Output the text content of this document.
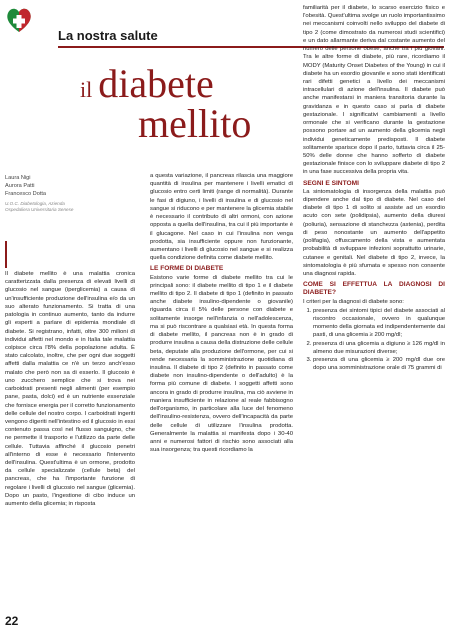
La nostra salute
il diabete
mellito
Laura Nigi
Aurora Patti
Francesco Dotta
U.O.C. Diabetologia, Azienda
Ospedaliera Universitaria Senese

Il diabete mellito è una malattia cronica caratterizzata dalla presenza di elevati livelli di glucosio nel sangue (iperglicemia) a causa di un'insufficiente produzione dell'insulina e/o da un suo alterato funzionamento. Si tratta di una patologia in continuo aumento, tanto da indurre gli esperti a parlare di epidemia mondiale di diabete. Si registrano, infatti, oltre 300 milioni di individui affetti nel mondo e in Italia tale malattia colpisce circa l'8% della popolazione adulta. È stato calcolato, inoltre, che per ogni due soggetti affetti dalla malattia ce n'è un terzo anch'esso malato che però non sa di esserlo. Il glucosio è uno zucchero semplice che si trova nei carboidrati presenti negli alimenti (per esempio pane, pasta, dolci) ed è un nutriente essenziale che fornisce energia per il corretto funzionamento delle cellule del nostro corpo. I carboidrati ingeriti vengono digeriti nell'intestino ed il glucosio in essi contenuto passa così nel flusso sanguigno, che ne permette il trasporto e l'utilizzo da parte delle cellule. Tuttavia affinché il glucosio penetri all'interno di esse è necessario l'intervento dell'insulina. Quest'ultima è un ormone, prodotto da cellule specializzate (cellule beta) del pancreas, che ha l'importante funzione di regolare i livelli di glucosio nel sangue (glicemia). Dopo un pasto, l'ingestione di cibo induce un aumento della glicemia; in risposta

a questa variazione, il pancreas rilascia una maggiore quantità di insulina per mantenere i livelli ematici di glucosio entro certi limiti (range di normalità). Durante le fasi di digiuno, i livelli di insulina e di glucosio nel sangue si riducono e per mantenere la glicemia stabile è necessario il contributo di altri ormoni, con azione opposta a quella dell'insulina, tra cui il più importante è il glucagone. Nel caso in cui l'insulina non venga prodotta, sia insufficiente oppure non funzionante, aumentano i livelli di glucosio nel sangue e si realizza quella condizione definita come diabete mellito.

LE FORME DI DIABETE

Esistono varie forme di diabete mellito tra cui le principali sono: il diabete mellito di tipo 1 e il diabete mellito di tipo 2. Il diabete di tipo 1 (definito in passato anche diabete insulino-dipendente o giovanile) riguarda circa il 5% delle persone con diabete e solitamente insorge nell'infanzia o nell'adolescenza, ma si può riscontrare a qualsiasi età. In questa forma di diabete mellito, il pancreas non è in grado di produrre insulina a causa della distruzione delle cellule beta, deputate alla produzione dell'ormone, per cui si rende necessaria la somministrazione quotidiana di insulina. Il diabete di tipo 2 (definito in passato come diabete non insulino-dipendente o dell'adulto) è la forma più comune di diabete. I soggetti affetti sono ancora in grado di produrre insulina, ma ciò avviene in maniera insufficiente in relazione al reale fabbisogno dell'organismo, in particolare alla luce del fenomeno dell'insulino-resistenza, ovvero dell'incapacità da parte delle cellule di utilizzare l'insulina prodotta. Generalmente la malattia si manifesta dopo i 30-40 anni e numerosi fattori di rischio sono associati alla sua insorgenza; tra questi ricordiamo la

familiarità per il diabete, lo scarso esercizio fisico e l'obesità. Quest'ultima svolge un ruolo importantissimo nei meccanismi coinvolti nello sviluppo del diabete di tipo 2 (come dimostrato da numerosi studi scientifici) e un dato allarmante deriva dal costante aumento del numero delle persone obese, anche tra i più giovani. Tra le altre forme di diabete, più rare, ricordiamo il MODY (Maturity Onset Diabetes of the Young) in cui il diabete ha un esordio giovanile e sono stati identificati rari difetti genetici a livello dei meccanismi intracellulari di azione dell'insulina. Il diabete può anche manifestarsi in maniera transitoria durante la gravidanza e in questo caso si parla di diabete gestazionale. I significativi cambiamenti a livello ormonale che si verificano durante la gestazione possono portare ad un aumento della glicemia negli individui geneticamente predisposti. Il diabete solitamente sparisce dopo il parto, tuttavia circa il 25-50% delle donne che hanno sofferto di diabete gestazionale finisce con lo sviluppare diabete di tipo 2 in una fase successiva della propria vita.

SEGNI E SINTOMI

La sintomatologia di insorgenza della malattia può dipendere anche dal tipo di diabete. Nel caso del diabete di tipo 1 di solito si assiste ad un esordio acuto con sete (polidipsia), aumento della diuresi (poliuria), sensazione di stanchezza (astenia), perdita di peso nonostante un aumento dell'appetito (polifagia), offuscamento della vista e aumentata probabilità di sviluppare infezioni soprattutto urinarie, cutanee e genitali. Nel diabete di tipo 2, invece, la sintomatologia è più sfumata e spesso non consente una diagnosi rapida.

COME SI EFFETTUA LA DIAGNOSI DI DIABETE?

I criteri per la diagnosi di diabete sono:

1. presenza dei sintomi tipici del diabete associati al riscontro occasionale, ovvero in qualunque momento della giornata ed indipendentemente dai pasti, di una glicemia ≥ 200 mg/dl;
2. presenza di una glicemia a digiuno ≥ 126 mg/dl in almeno due misurazioni diverse;
3. presenza di una glicemia ≥ 200 mg/dl due ore dopo una somministrazione orale di 75 grammi di
22
